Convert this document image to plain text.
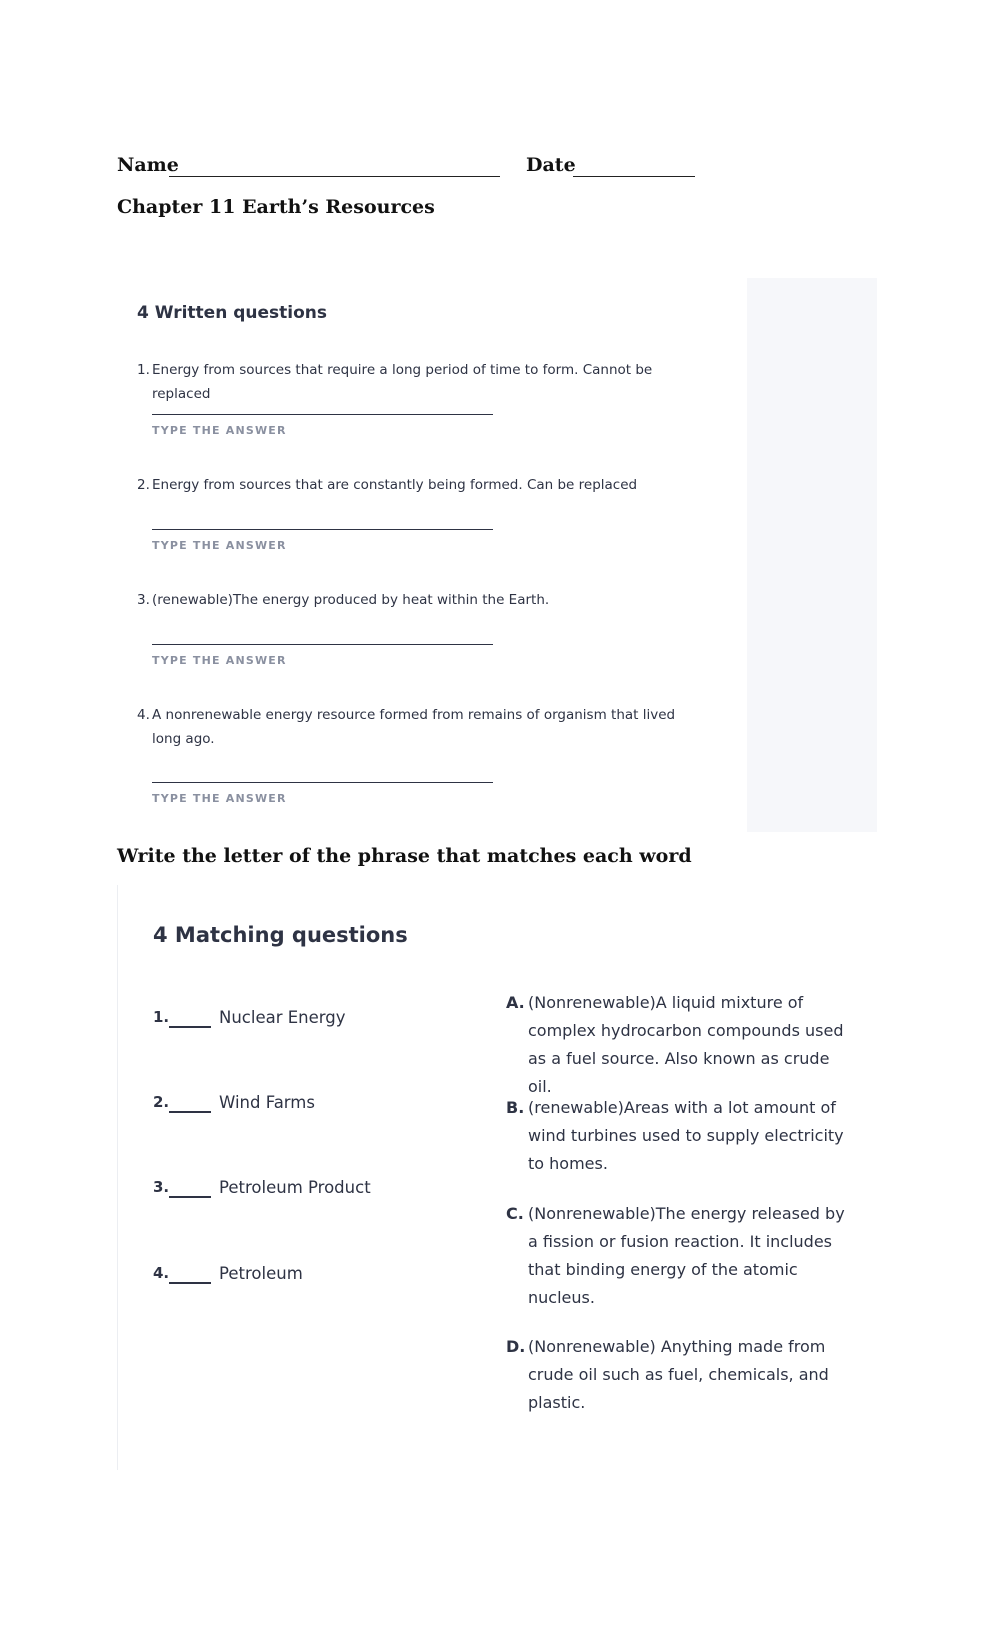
Name	Date
Chapter 11 Earth’s Resources
4 Written questions
1. Energy from sources that require a long period of time to form. Cannot be replaced
TYPE THE ANSWER
2. Energy from sources that are constantly being formed. Can be replaced
TYPE THE ANSWER
3. (renewable)The energy produced by heat within the Earth.
TYPE THE ANSWER
4. A nonrenewable energy resource formed from remains of organism that lived long ago.
TYPE THE ANSWER
Write the letter of the phrase that matches each word
4 Matching questions
1.	Nuclear Energy
2.	Wind Farms
3.	Petroleum Product
4.	Petroleum
A. (Nonrenewable)A liquid mixture of complex hydrocarbon compounds used as a fuel source. Also known as crude oil.
B. (renewable)Areas with a lot amount of wind turbines used to supply electricity to homes.
C. (Nonrenewable)The energy released by a fission or fusion reaction. It includes that binding energy of the atomic nucleus.
D. (Nonrenewable) Anything made from crude oil such as fuel, chemicals, and plastic.
